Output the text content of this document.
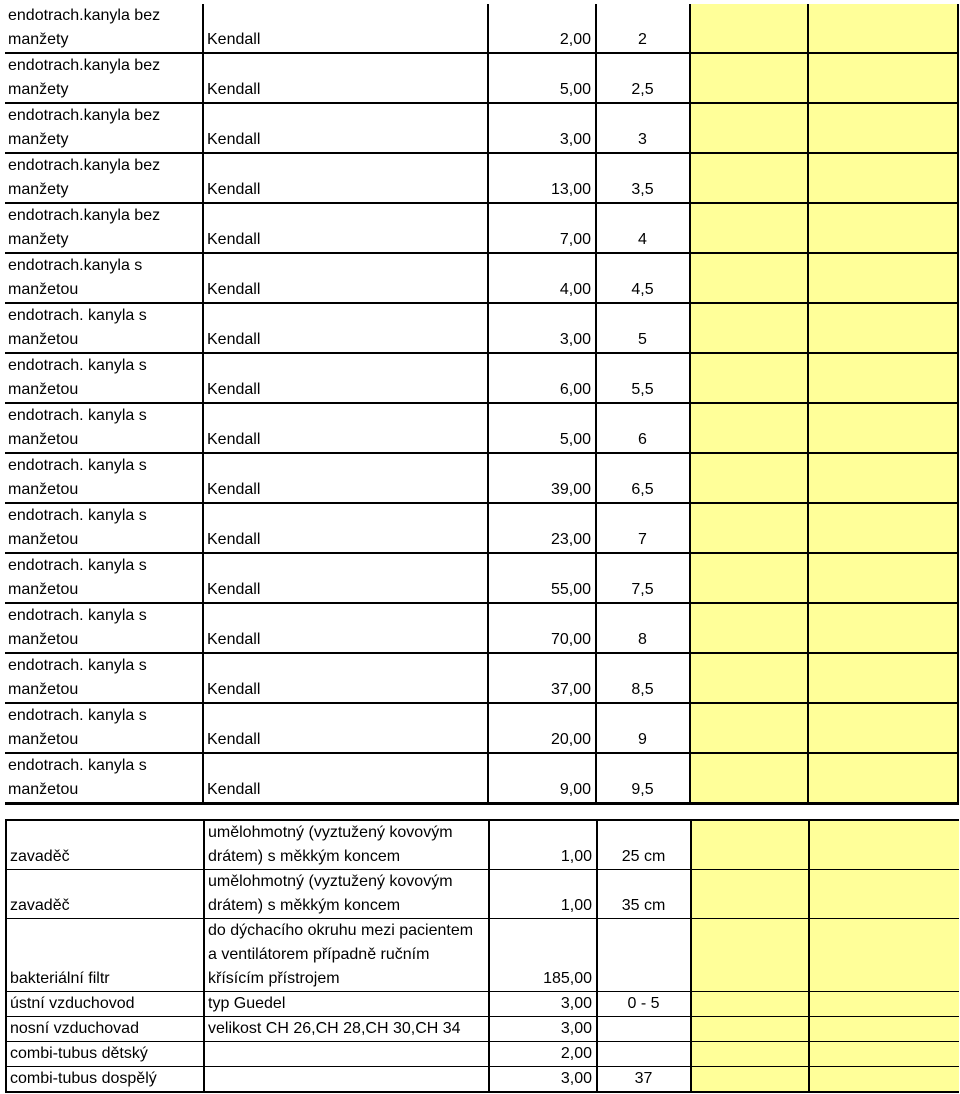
endotrach.kanyla bez manžety	Kendall	2,00	2		
endotrach.kanyla bez manžety	Kendall	5,00	2,5		
endotrach.kanyla bez manžety	Kendall	3,00	3		
endotrach.kanyla bez manžety	Kendall	13,00	3,5		
endotrach.kanyla bez manžety	Kendall	7,00	4		
endotrach.kanyla s manžetou	Kendall	4,00	4,5		
endotrach. kanyla s manžetou	Kendall	3,00	5		
endotrach. kanyla s manžetou	Kendall	6,00	5,5		
endotrach. kanyla s manžetou	Kendall	5,00	6		
endotrach. kanyla s manžetou	Kendall	39,00	6,5		
endotrach. kanyla s manžetou	Kendall	23,00	7		
endotrach. kanyla s manžetou	Kendall	55,00	7,5		
endotrach. kanyla s manžetou	Kendall	70,00	8		
endotrach. kanyla s manžetou	Kendall	37,00	8,5		
endotrach. kanyla s manžetou	Kendall	20,00	9		
endotrach. kanyla s manžetou	Kendall	9,00	9,5		
zavaděč	umělohmotný (vyztužený kovovým drátem) s měkkým koncem	1,00	25 cm		
zavaděč	umělohmotný (vyztužený kovovým drátem) s měkkým koncem	1,00	35 cm		
bakteriální filtr	do dýchacího okruhu mezi pacientem a ventilátorem případně ručním křísícím přístrojem	185,00			
ústní vzduchovod	typ Guedel	3,00	0 - 5		
nosní vzduchovad	velikost CH 26,CH 28,CH 30,CH 34	3,00			
combi-tubus dětský		2,00			
combi-tubus dospělý		3,00	37		
